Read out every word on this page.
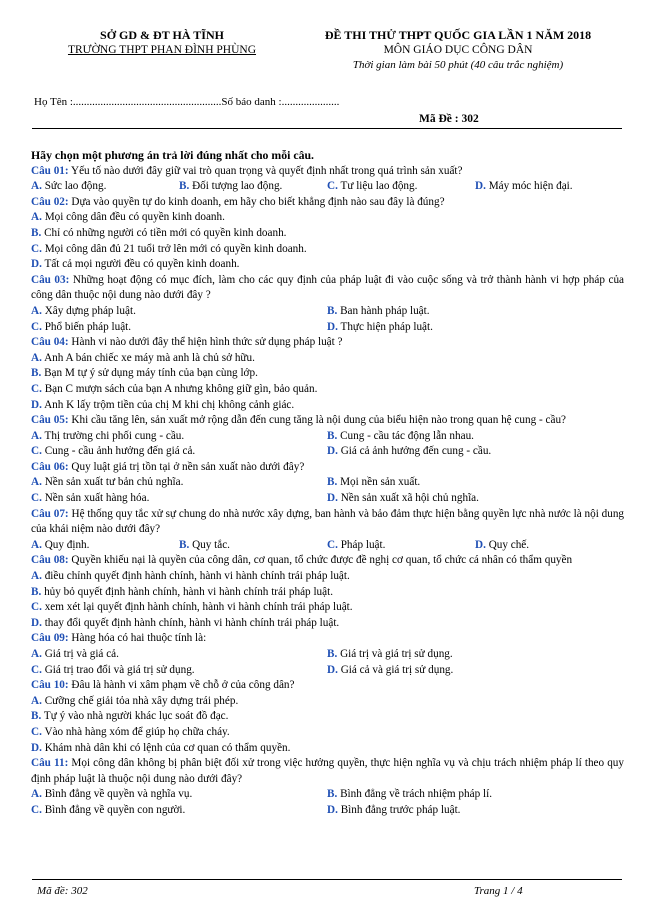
SỞ GD & ĐT HÀ TĨNH
TRƯỜNG THPT PHAN ĐÌNH PHÙNG
ĐỀ THI THỬ THPT QUỐC GIA LẦN 1 NĂM 2018
MÔN GIÁO DỤC CÔNG DÂN
Thời gian làm bài 50 phút (40 câu trắc nghiệm)
Họ Tên :......................................................Số báo danh :.....................
Mã Đề : 302
Hãy chọn một phương án trả lời đúng nhất cho mỗi câu.
Câu 01: Yếu tố nào dưới đây giữ vai trò quan trọng và quyết định nhất trong quá trình sản xuất?
A. Sức lao động.	B. Đối tượng lao động.	C. Tư liệu lao động.	D. Máy móc hiện đại.
Câu 02: Dựa vào quyền tự do kinh doanh, em hãy cho biết khẳng định nào sau đây là đúng?
A. Mọi công dân đều có quyền kinh doanh.
B. Chỉ có những người có tiền mới có quyền kinh doanh.
C. Mọi công dân đủ 21 tuổi trở lên mới có quyền kinh doanh.
D. Tất cả mọi người đều có quyền kinh doanh.
Câu 03: Những hoạt động có mục đích, làm cho các quy định của pháp luật đi vào cuộc sống và trở thành hành vi hợp pháp của công dân thuộc nội dung nào dưới đây ?
A. Xây dựng pháp luật.	B. Ban hành pháp luật.
C. Phổ biến pháp luật.	D. Thực hiện pháp luật.
Câu 04: Hành vi nào dưới đây thể hiện hình thức sử dụng pháp luật ?
A. Anh A bán chiếc xe máy mà anh là chủ sở hữu.
B. Bạn M tự ý sử dụng máy tính của bạn cùng lớp.
C. Bạn C mượn sách của bạn A nhưng không giữ gìn, bảo quản.
D. Anh K lấy trộm tiền của chị M khi chị không cảnh giác.
Câu 05: Khi cầu tăng lên, sản xuất mở rộng dẫn đến cung tăng là nội dung của biểu hiện nào trong quan hệ cung - cầu?
A. Thị trường chi phối cung - cầu.	B. Cung - cầu tác động lẫn nhau.
C. Cung - cầu ảnh hưởng đến giá cả.	D. Giá cả ảnh hưởng đến cung - cầu.
Câu 06: Quy luật giá trị tồn tại ở nền sản xuất nào dưới đây?
A. Nền sản xuất tư bản chủ nghĩa.	B. Mọi nền sản xuất.
C. Nền sản xuất hàng hóa.	D. Nền sản xuất xã hội chủ nghĩa.
Câu 07: Hệ thống quy tắc xử sự chung do nhà nước xây dựng, ban hành và bảo đảm thực hiện bằng quyền lực nhà nước là nội dung của khái niệm nào dưới đây?
A. Quy định.	B. Quy tắc.	C. Pháp luật.	D. Quy chế.
Câu 08: Quyền khiếu nại là quyền của công dân, cơ quan, tổ chức được đề nghị cơ quan, tổ chức cá nhân có thẩm quyền
A. điều chỉnh quyết định hành chính, hành vi hành chính trái pháp luật.
B. hủy bỏ quyết định hành chính, hành vi hành chính trái pháp luật.
C. xem xét lại quyết định hành chính, hành vi hành chính trái pháp luật.
D. thay đổi quyết định hành chính, hành vi hành chính trái pháp luật.
Câu 09: Hàng hóa có hai thuộc tính là:
A. Giá trị và giá cả.	B. Giá trị và giá trị sử dụng.
C. Giá trị trao đổi và giá trị sử dụng.	D. Giá cả và giá trị sử dụng.
Câu 10: Đâu là hành vi xâm phạm về chỗ ở của công dân?
A. Cưỡng chế giải tỏa nhà xây dựng trái phép.
B. Tự ý vào nhà người khác lục soát đồ đạc.
C. Vào nhà hàng xóm để giúp họ chữa cháy.
D. Khám nhà dân khi có lệnh của cơ quan có thẩm quyền.
Câu 11: Mọi công dân không bị phân biệt đối xử trong việc hưởng quyền, thực hiện nghĩa vụ và chịu trách nhiệm pháp lí theo quy định pháp luật là thuộc nội dung nào dưới đây?
A. Bình đẳng về quyền và nghĩa vụ.	B. Bình đẳng về trách nhiệm pháp lí.
C. Bình đẳng về quyền con người.	D. Bình đẳng trước pháp luật.
Mã đề: 302	Trang 1 / 4
